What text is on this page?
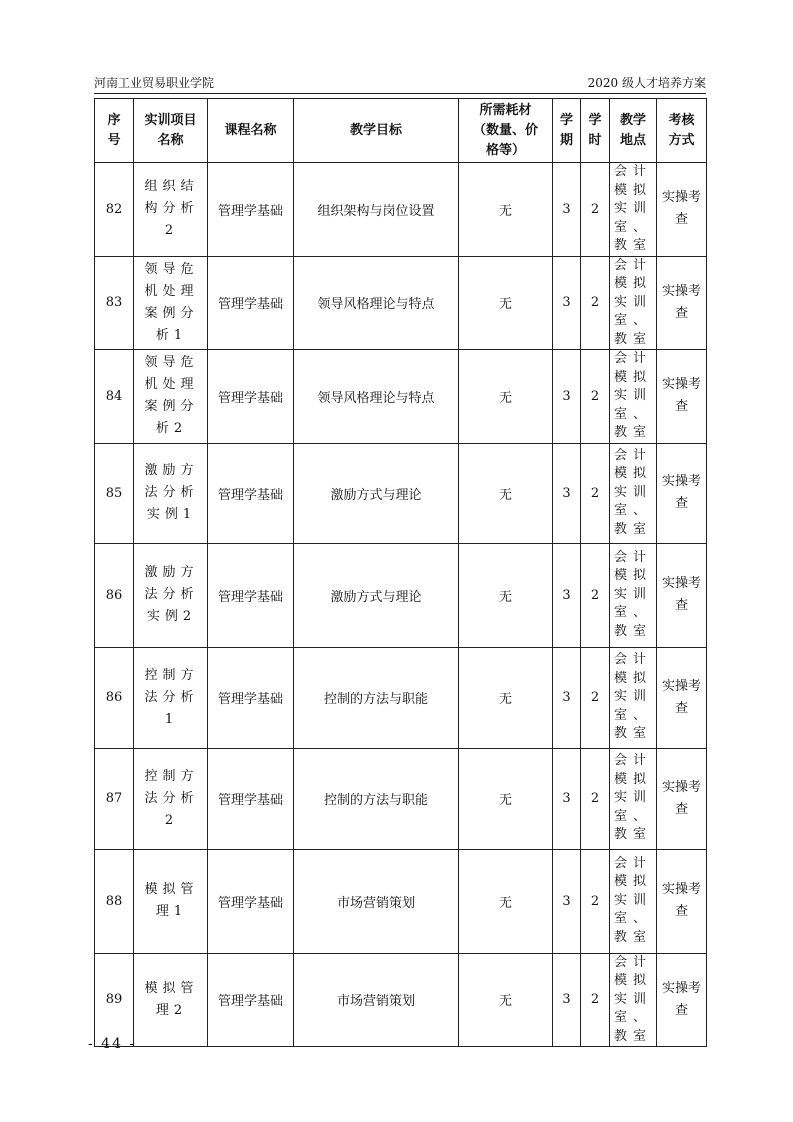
河南工业贸易职业学院	2020 级人才培养方案
序号	实训项目名称	课程名称	教学目标	所需耗材（数量、价格等）	学期	学时	教学地点	考核方式
82	组织结构分析2	管理学基础	组织架构与岗位设置	无	3	2	会计模拟实训室、教室	实操考查
83	领导危机处理案例分析1	管理学基础	领导风格理论与特点	无	3	2	会计模拟实训室、教室	实操考查
84	领导危机处理案例分析2	管理学基础	领导风格理论与特点	无	3	2	会计模拟实训室、教室	实操考查
85	激励方法分析实例1	管理学基础	激励方式与理论	无	3	2	会计模拟实训室、教室	实操考查
86	激励方法分析实例2	管理学基础	激励方式与理论	无	3	2	会计模拟实训室、教室	实操考查
86	控制方法分析1	管理学基础	控制的方法与职能	无	3	2	会计模拟实训室、教室	实操考查
87	控制方法分析2	管理学基础	控制的方法与职能	无	3	2	会计模拟实训室、教室	实操考查
88	模拟管理1	管理学基础	市场营销策划	无	3	2	会计模拟实训室、教室	实操考查
89	模拟管理2	管理学基础	市场营销策划	无	3	2	会计模拟实训室、教室	实操考查
- 44 -
